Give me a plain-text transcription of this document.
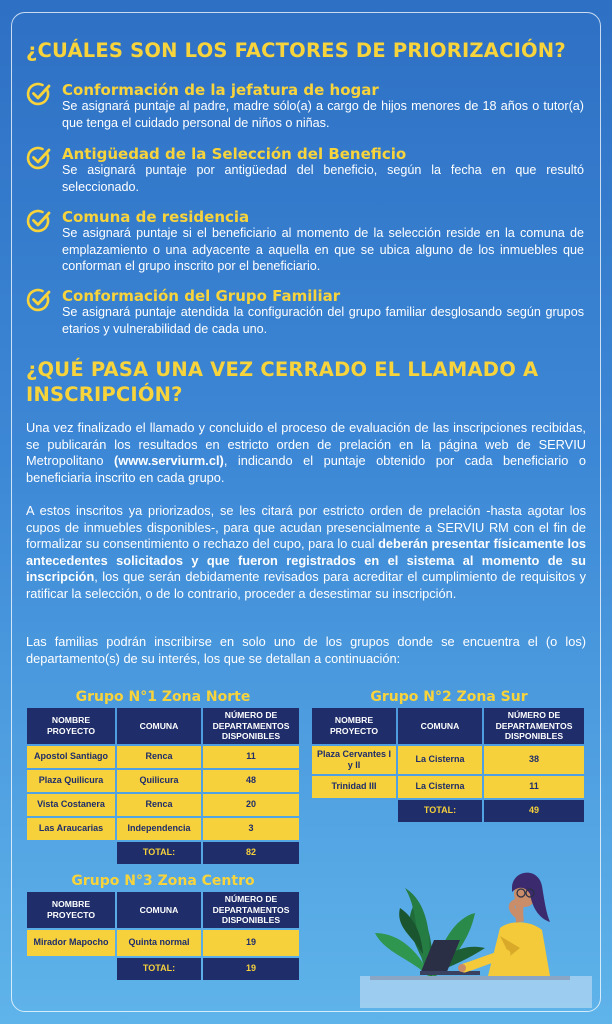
¿CUÁLES SON LOS FACTORES DE PRIORIZACIÓN?
Conformación de la jefatura de hogar
Se asignará puntaje al padre, madre sólo(a) a cargo de hijos menores de 18 años o tutor(a) que tenga el cuidado personal de niños o niñas.
Antigüedad de la Selección del Beneficio
Se asignará puntaje por antigüedad del beneficio, según la fecha en que resultó seleccionado.
Comuna de residencia
Se asignará puntaje si el beneficiario al momento de la selección reside en la comuna de emplazamiento o una adyacente a aquella en que se ubica alguno de los inmuebles que conforman el grupo inscrito por el beneficiario.
Conformación del Grupo Familiar
Se asignará puntaje atendida la configuración del grupo familiar desglosando según grupos etarios y vulnerabilidad de cada uno.
¿QUÉ PASA UNA VEZ CERRADO EL LLAMADO A
INSCRIPCIÓN?
Una vez finalizado el llamado y concluido el proceso de evaluación de las inscripciones recibidas, se publicarán los resultados en estricto orden de prelación en la página web de SERVIU Metropolitano (www.serviurm.cl), indicando el puntaje obtenido por cada beneficiario o beneficiaria inscrito en cada grupo.
A estos inscritos ya priorizados, se les citará por estricto orden de prelación -hasta agotar los cupos de inmuebles disponibles-, para que acudan presencialmente a SERVIU RM con el fin de formalizar su consentimiento o rechazo del cupo, para lo cual deberán presentar físicamente los antecedentes solicitados y que fueron registrados en el sistema al momento de su inscripción, los que serán debidamente revisados para acreditar el cumplimiento de requisitos y ratificar la selección, o de lo contrario, proceder a desestimar su inscripción.
Las familias podrán inscribirse en solo uno de los grupos donde se encuentra el (o los) departamento(s) de su interés, los que se detallan a continuación:
Grupo N°1 Zona Norte
NOMBRE PROYECTO	COMUNA	NÚMERO DE DEPARTAMENTOS DISPONIBLES
Apostol Santiago	Renca	11
Plaza Quilicura	Quilicura	48
Vista Costanera	Renca	20
Las Araucarias	Independencia	3
	TOTAL:	82
Grupo N°2 Zona Sur
NOMBRE PROYECTO	COMUNA	NÚMERO DE DEPARTAMENTOS DISPONIBLES
Plaza Cervantes I y II	La Cisterna	38
Trinidad III	La Cisterna	11
	TOTAL:	49
Grupo N°3 Zona Centro
NOMBRE PROYECTO	COMUNA	NÚMERO DE DEPARTAMENTOS DISPONIBLES
Mirador Mapocho	Quinta normal	19
	TOTAL:	19
